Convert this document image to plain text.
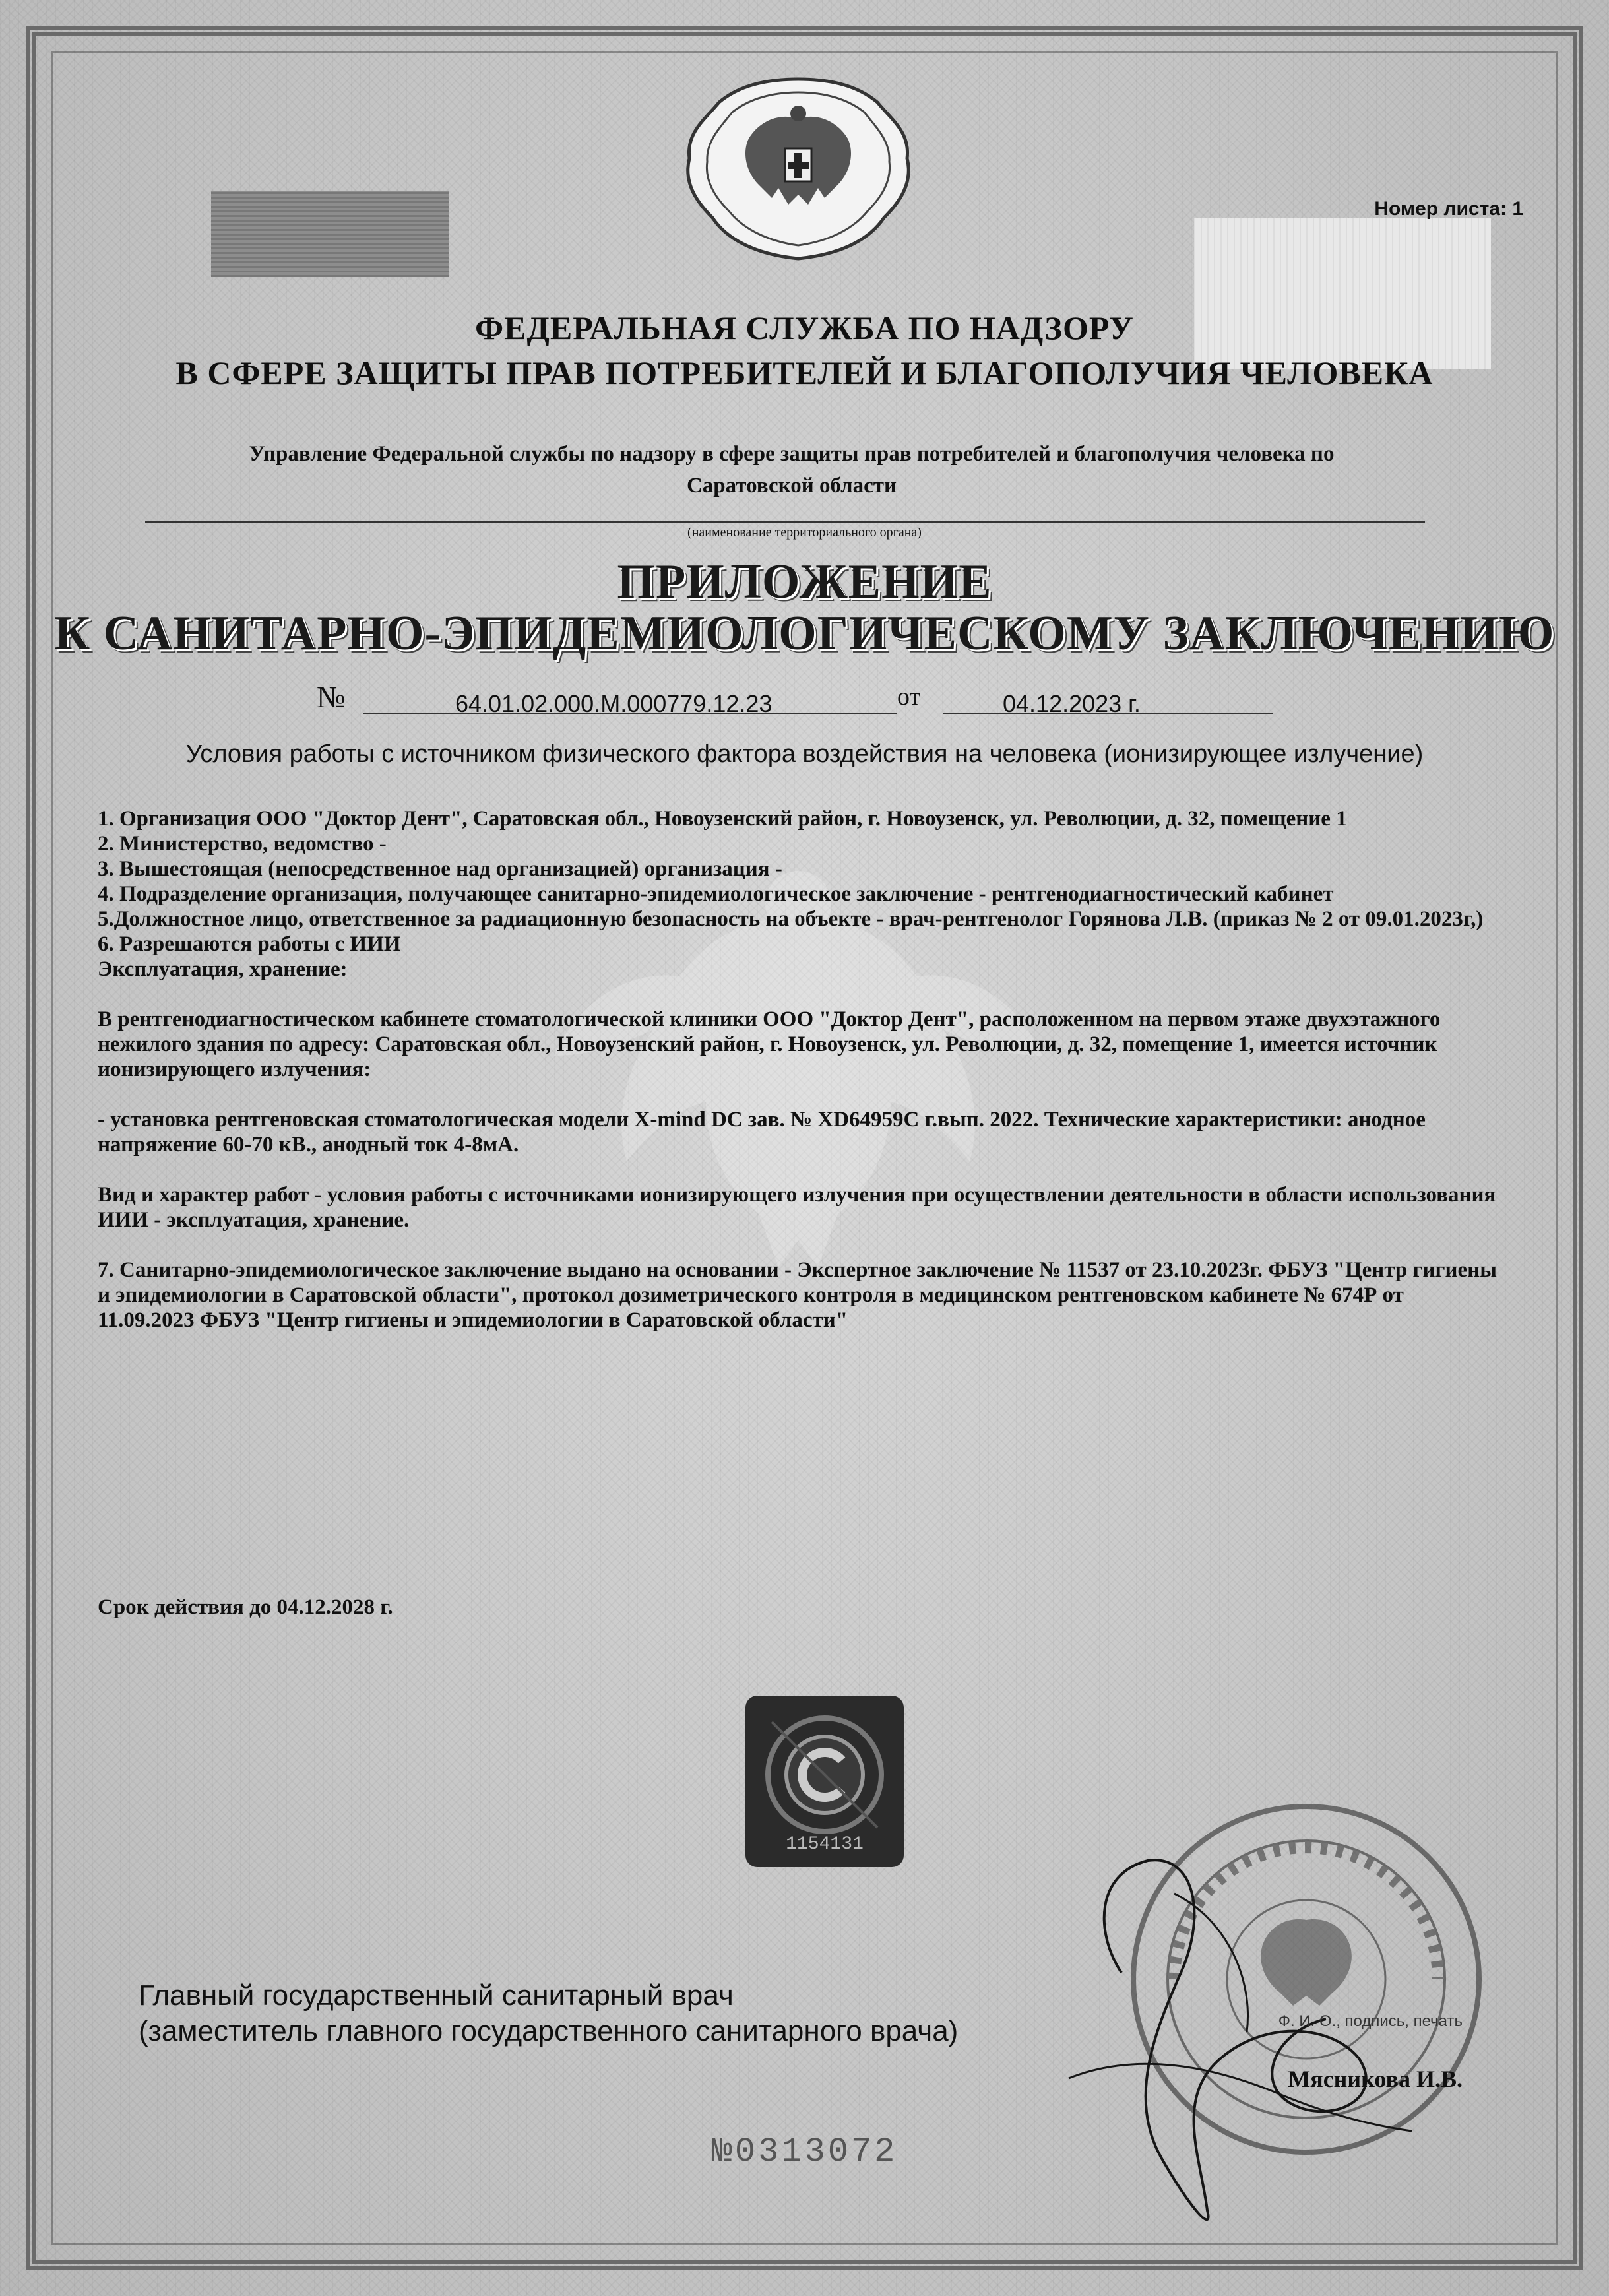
Номер листа: 1
ФЕДЕРАЛЬНАЯ СЛУЖБА ПО НАДЗОРУ
В СФЕРЕ ЗАЩИТЫ ПРАВ ПОТРЕБИТЕЛЕЙ И БЛАГОПОЛУЧИЯ ЧЕЛОВЕКА
Управление Федеральной службы по надзору в сфере защиты прав потребителей и благополучия человека по
Саратовской области
(наименование территориального органа)
ПРИЛОЖЕНИЕ
К САНИТАРНО-ЭПИДЕМИОЛОГИЧЕСКОМУ ЗАКЛЮЧЕНИЮ
№	64.01.02.000.М.000779.12.23	от	04.12.2023 г.
Условия работы с источником физического фактора воздействия на человека (ионизирующее излучение)

1. Организация ООО "Доктор Дент", Саратовская обл., Новоузенский район, г. Новоузенск, ул. Революции, д. 32, помещение 1

2. Министерство, ведомство -

3. Вышестоящая (непосредственное над организацией) организация -

4. Подразделение организация, получающее санитарно-эпидемиологическое заключение - рентгенодиагностический кабинет

5.Должностное лицо, ответственное за радиационную безопасность на объекте - врач-рентгенолог Горянова Л.В. (приказ № 2 от 09.01.2023г,)

6. Разрешаются работы с ИИИ

Эксплуатация, хранение:

В рентгенодиагностическом кабинете стоматологической клиники ООО "Доктор Дент", расположенном на первом этаже двухэтажного нежилого здания по адресу: Саратовская обл., Новоузенский район, г. Новоузенск, ул. Революции, д. 32, помещение 1, имеется источник ионизирующего излучения:

- установка рентгеновская стоматологическая модели X-mind DC зав. № XD64959C г.вып. 2022. Технические характеристики: анодное напряжение 60-70 кВ., анодный ток 4-8мА.

Вид и характер работ - условия работы с источниками ионизирующего излучения при осуществлении деятельности в области использования ИИИ - эксплуатация, хранение.

7. Санитарно-эпидемиологическое заключение выдано на основании - Экспертное заключение № 11537 от 23.10.2023г. ФБУЗ "Центр гигиены и эпидемиологии в Саратовской области", протокол дозиметрического контроля в медицинском рентгеновском кабинете № 674Р от 11.09.2023 ФБУЗ "Центр гигиены и эпидемиологии в Саратовской области"

Срок действия до 04.12.2028 г.
1154131
Главный государственный санитарный врач
(заместитель главного государственного санитарного врача)	Ф. И. О., подпись, печать
Мясникова И.В.
№0313072
